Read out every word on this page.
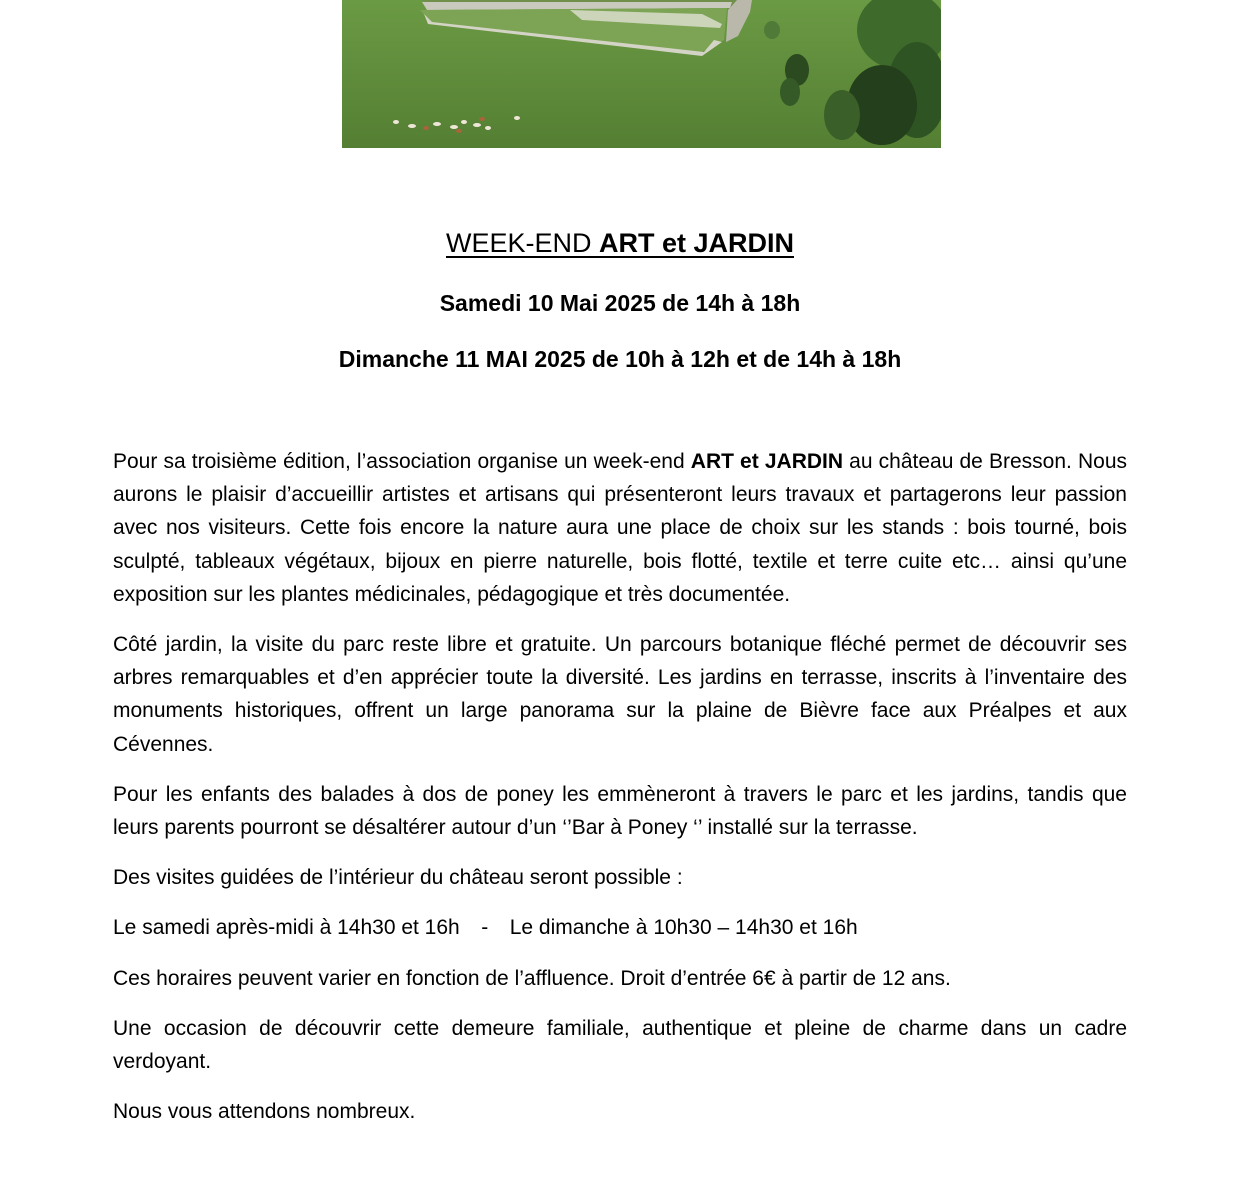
WEEK-END ART et JARDIN
Samedi 10 Mai 2025 de 14h à 18h
Dimanche 11 MAI 2025 de 10h à 12h et de 14h à 18h

Pour sa troisième édition, l’association organise un week-end ART et JARDIN au château de Bresson. Nous aurons le plaisir d’accueillir artistes et artisans qui présenteront leurs travaux et partagerons leur passion avec nos visiteurs. Cette fois encore la nature aura une place de choix sur les stands : bois tourné, bois sculpté, tableaux végétaux, bijoux en pierre naturelle, bois flotté, textile et terre cuite etc… ainsi qu’une exposition sur les plantes médicinales, pédagogique et très documentée.

Côté jardin, la visite du parc reste libre et gratuite. Un parcours botanique fléché permet de découvrir ses arbres remarquables et d’en apprécier toute la diversité. Les jardins en terrasse, inscrits à l’inventaire des monuments historiques, offrent un large panorama sur la plaine de Bièvre face aux Préalpes et aux Cévennes.

Pour les enfants des balades à dos de poney les emmèneront à travers le parc et les jardins, tandis que leurs parents pourront se désaltérer autour d’un ‘’Bar à Poney ‘’ installé sur la terrasse.

Des visites guidées de l’intérieur du château seront possible :

Le samedi après-midi à 14h30 et 16h - Le dimanche à 10h30 – 14h30 et 16h

Ces horaires peuvent varier en fonction de l’affluence. Droit d’entrée 6€ à partir de 12 ans.

Une occasion de découvrir cette demeure familiale, authentique et pleine de charme dans un cadre verdoyant.

Nous vous attendons nombreux.
